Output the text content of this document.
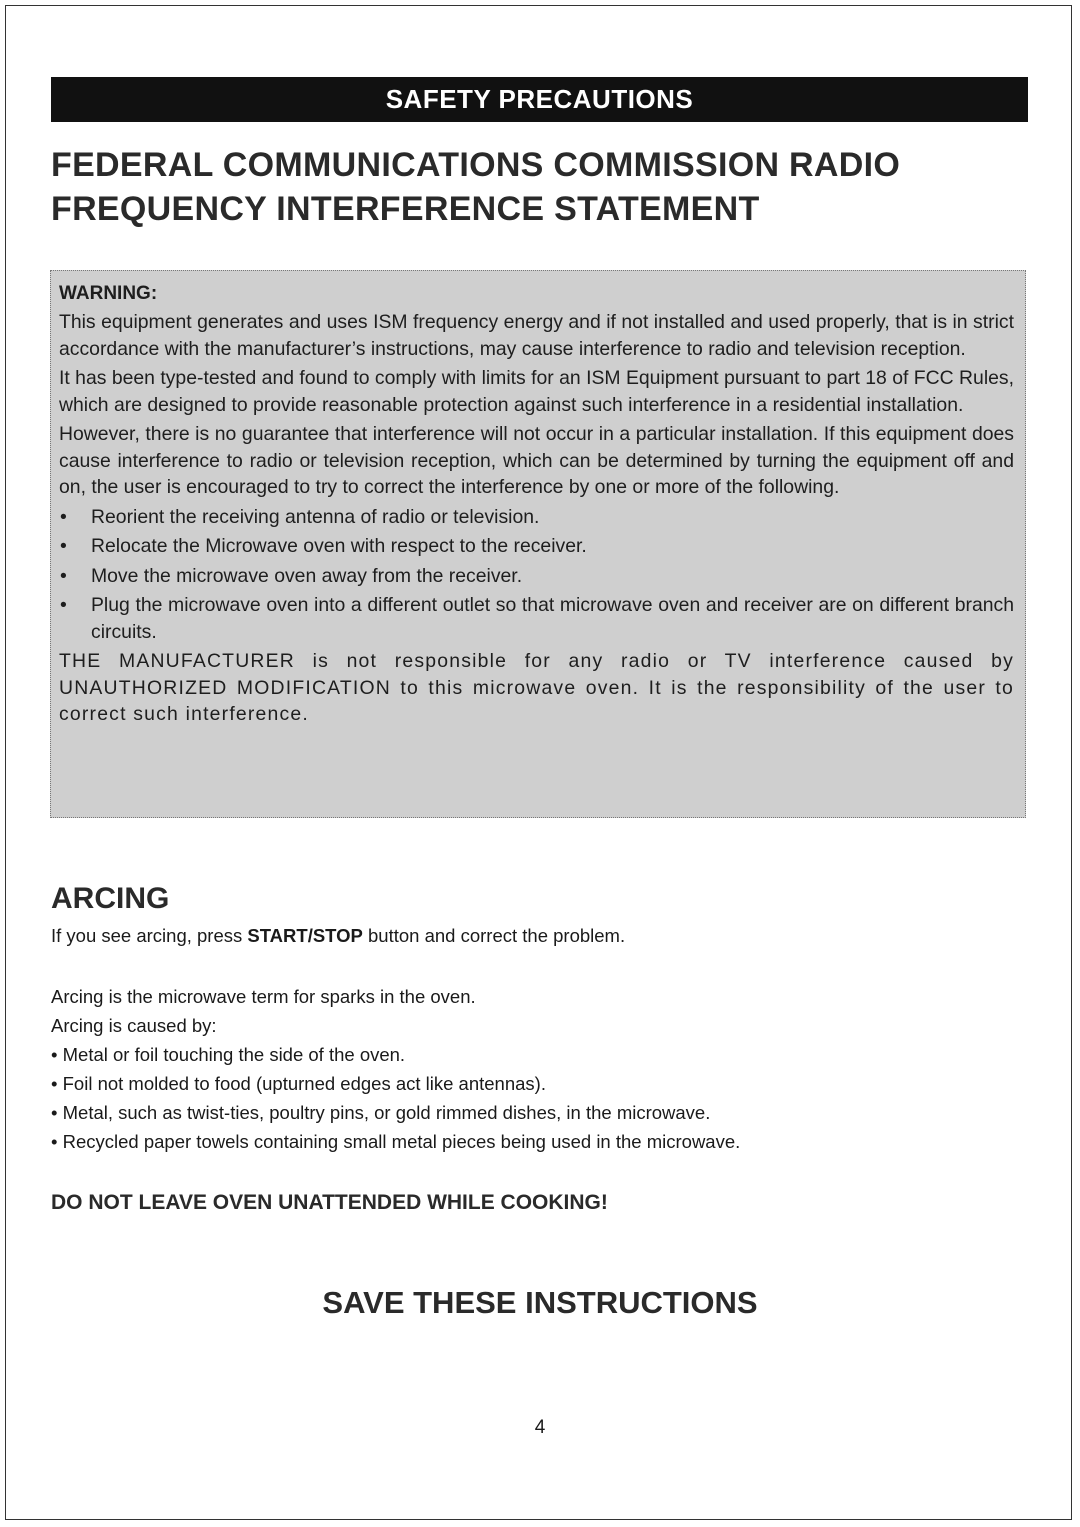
SAFETY PRECAUTIONS
FEDERAL COMMUNICATIONS COMMISSION RADIO
FREQUENCY INTERFERENCE STATEMENT
WARNING:

This equipment generates and uses ISM frequency energy and if not installed and used properly, that is in strict accordance with the manufacturer’s instructions, may cause interference to radio and television reception.

It has been type-tested and found to comply with limits for an ISM Equipment pursuant to part 18 of FCC Rules, which are designed to provide reasonable protection against such interference in a residential installation.

However, there is no guarantee that interference will not occur in a particular installation. If this equipment does cause interference to radio or television reception, which can be determined by turning the equipment off and on, the user is encouraged to try to correct the interference by one or more of the following.

• Reorient the receiving antenna of radio or television.
• Relocate the Microwave oven with respect to the receiver.
• Move the microwave oven away from the receiver.
• Plug the microwave oven into a different outlet so that microwave oven and receiver are on different branch circuits.

THE MANUFACTURER is not responsible for any radio or TV interference caused by UNAUTHORIZED MODIFICATION to this microwave oven. It is the responsibility of the user to correct such interference.

ARCING
If you see arcing, press START/STOP button and correct the problem.

Arcing is the microwave term for sparks in the oven.

Arcing is caused by:

• Metal or foil touching the side of the oven.
• Foil not molded to food (upturned edges act like antennas).
• Metal, such as twist-ties, poultry pins, or gold rimmed dishes, in the microwave.
• Recycled paper towels containing small metal pieces being used in the microwave.
DO NOT LEAVE OVEN UNATTENDED WHILE COOKING!
SAVE THESE INSTRUCTIONS
4
